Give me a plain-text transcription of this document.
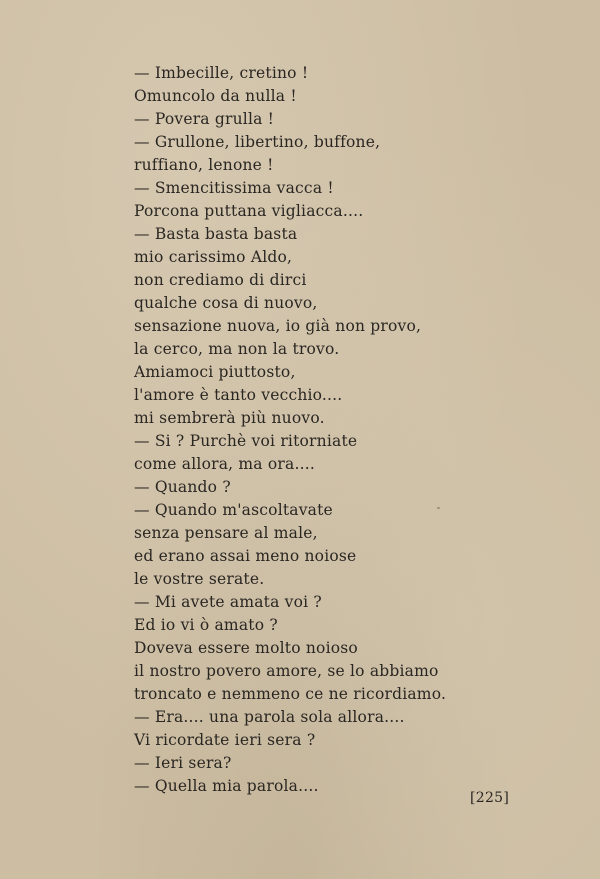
— Imbecille, cretino !
Omuncolo da nulla !
— Povera grulla !
— Grullone, libertino, buffone,
ruffiano, lenone !
— Smencitissima vacca !
Porcona puttana vigliacca....
— Basta basta basta
mio carissimo Aldo,
non crediamo di dirci
qualche cosa di nuovo,
sensazione nuova, io già non provo,
la cerco, ma non la trovo.
Amiamoci piuttosto,
l'amore è tanto vecchio....
mi sembrerà più nuovo.
— Si ? Purchè voi ritorniate
come allora, ma ora....
— Quando ?
— Quando m'ascoltavate
senza pensare al male,
ed erano assai meno noiose
le vostre serate.
— Mi avete amata voi ?
Ed io vi ò amato ?
Doveva essere molto noioso
il nostro povero amore, se lo abbiamo
troncato e nemmeno ce ne ricordiamo.
— Era.... una parola sola allora....
Vi ricordate ieri sera ?
— Ieri sera?
— Quella mia parola....
[225]
